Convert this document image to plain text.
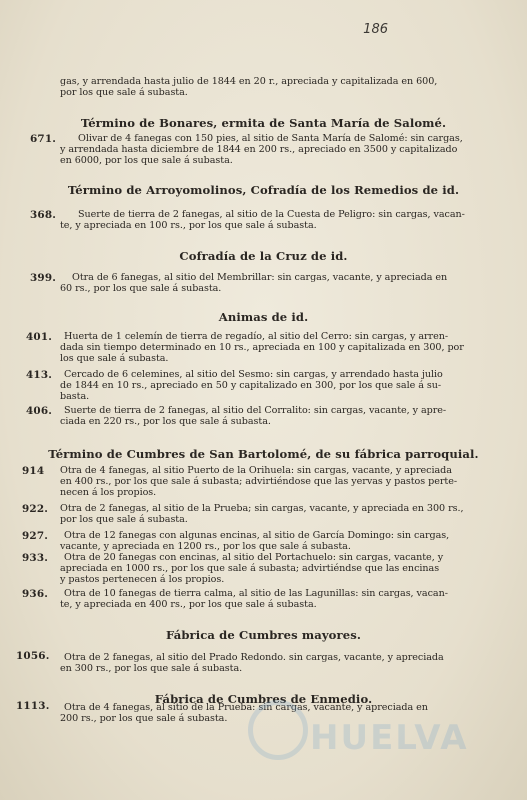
186
gas, y arrendada hasta julio de 1844 en 20 r., apreciada y capitalizada en 600,
por los que sale á subasta.
Término de Bonares, ermita de Santa María de Salomé.
671. Olivar de 4 fanegas con 150 pies, al sitio de Santa María de Salomé: sin cargas,
y arrendada hasta diciembre de 1844 en 200 rs., apreciado en 3500 y capitalizado
en 6000, por los que sale á subasta.
Término de Arroyomolinos, Cofradía de los Remedios de id.
368. Suerte de tierra de 2 fanegas, al sitio de la Cuesta de Peligro: sin cargas, vacan-
te, y apreciada en 100 rs., por los que sale á subasta.
Cofradía de la Cruz de id.
399. Otra de 6 fanegas, al sitio del Membrillar: sin cargas, vacante, y apreciada en
60 rs., por los que sale á subasta.
Animas de id.
401. Huerta de 1 celemín de tierra de regadío, al sitio del Cerro: sin cargas, y arren-
dada sin tiempo determinado en 10 rs., apreciada en 100 y capitalizada en 300, por
los que sale á subasta.
413. Cercado de 6 celemines, al sitio del Sesmo: sin cargas, y arrendado hasta julio
de 1844 en 10 rs., apreciado en 50 y capitalizado en 300, por los que sale á su-
basta.
406. Suerte de tierra de 2 fanegas, al sitio del Corralito: sin cargas, vacante, y apre-
ciada en 220 rs., por los que sale á subasta.
Término de Cumbres de San Bartolomé, de su fábrica parroquial.
914 Otra de 4 fanegas, al sitio Puerto de la Orihuela: sin cargas, vacante, y apreciada
en 400 rs., por los que sale á subasta; advirtiéndose que las yervas y pastos perte-
necen á los propios.
922. Otra de 2 fanegas, al sitio de la Prueba; sin cargas, vacante, y apreciada en 300 rs.,
por los que sale á subasta.
927. Otra de 12 fanegas con algunas encinas, al sitio de García Domingo: sin cargas,
vacante, y apreciada en 1200 rs., por los que sale á subasta.
933. Otra de 20 fanegas con encinas, al sitio del Portachuelo: sin cargas, vacante, y
apreciada en 1000 rs., por los que sale á subasta; advirtiéndse que las encinas
y pastos pertenecen á los propios.
936. Otra de 10 fanegas de tierra calma, al sitio de las Lagunillas: sin cargas, vacan-
te, y apreciada en 400 rs., por los que sale á subasta.
Fábrica de Cumbres mayores.
1056. Otra de 2 fanegas, al sitio del Prado Redondo. sin cargas, vacante, y apreciada
en 300 rs., por los que sale á subasta.
Fábrica de Cumbres de Enmedio.
1113. Otra de 4 fanegas, al sitio de la Prueba: sin cargas, vacante, y apreciada en
200 rs., por los que sale á subasta. HUELVA
